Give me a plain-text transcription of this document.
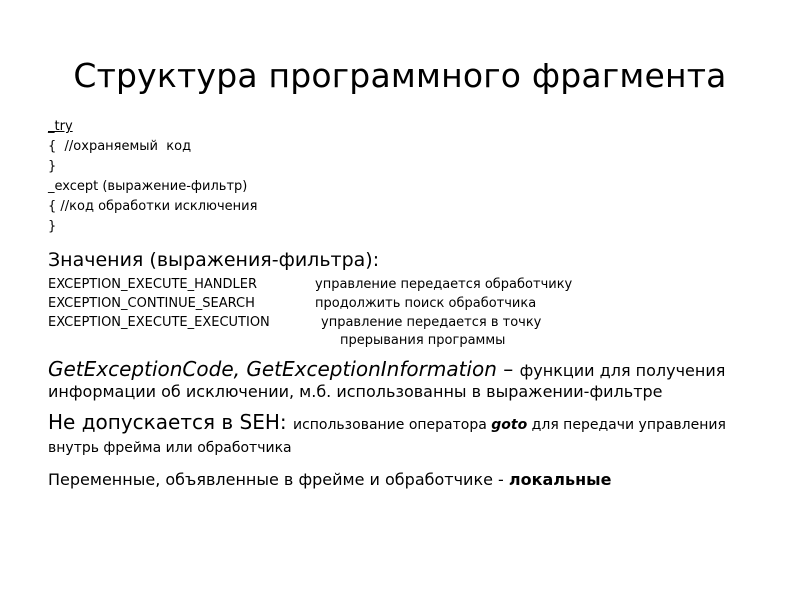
Структура программного фрагмента
_try
{  //охраняемый  код
}
_except (выражение-фильтр)
{ //код обработки исключения
}
Значения (выражения-фильтра):
EXCEPTION_EXECUTE_HANDLER	управление передается обработчику
EXCEPTION_CONTINUE_SEARCH	продолжить поиск обработчика
EXCEPTION_EXECUTE_EXECUTION	управление передается в точку
прерывания программы
GetExceptionCode, GetExceptionInformation – функции для получения информации об исключении, м.б. использованны в выражении-фильтре
Не допускается в SEH: использование оператора goto для передачи управления внутрь фрейма или обработчика
Переменные, объявленные в фрейме и обработчике - локальные
